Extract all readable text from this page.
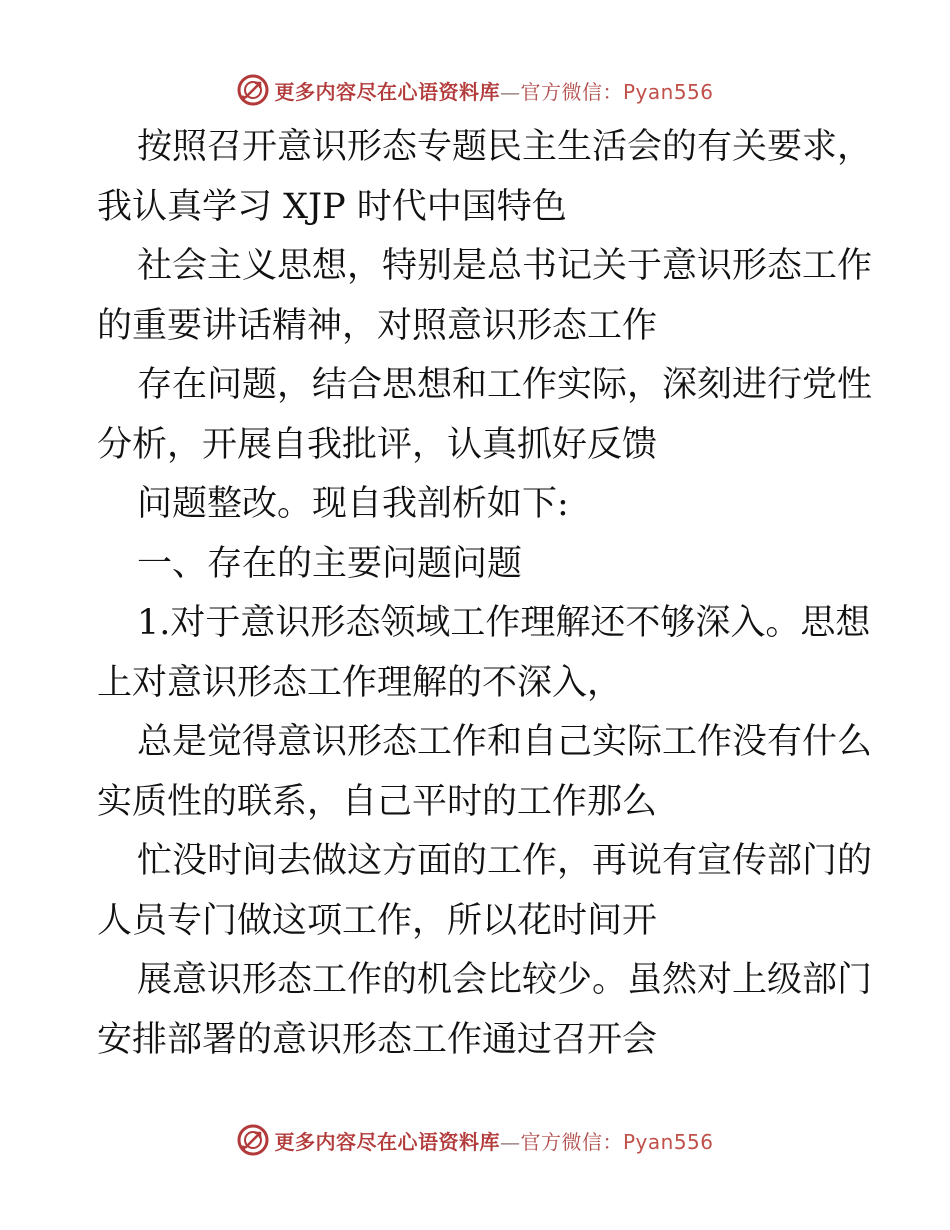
更多内容尽在心语资料库—官方微信：Pyan556
按照召开意识形态专题民主生活会的有关要求，
我认真学习 XJP 时代中国特色
社会主义思想，特别是总书记关于意识形态工作
的重要讲话精神，对照意识形态工作
存在问题，结合思想和工作实际，深刻进行党性
分析，开展自我批评，认真抓好反馈
问题整改。现自我剖析如下:
一、存在的主要问题问题
1.对于意识形态领域工作理解还不够深入。思想
上对意识形态工作理解的不深入，
总是觉得意识形态工作和自己实际工作没有什么
实质性的联系，自己平时的工作那么
忙没时间去做这方面的工作，再说有宣传部门的
人员专门做这项工作，所以花时间开
展意识形态工作的机会比较少。虽然对上级部门
安排部署的意识形态工作通过召开会
更多内容尽在心语资料库—官方微信：Pyan556
